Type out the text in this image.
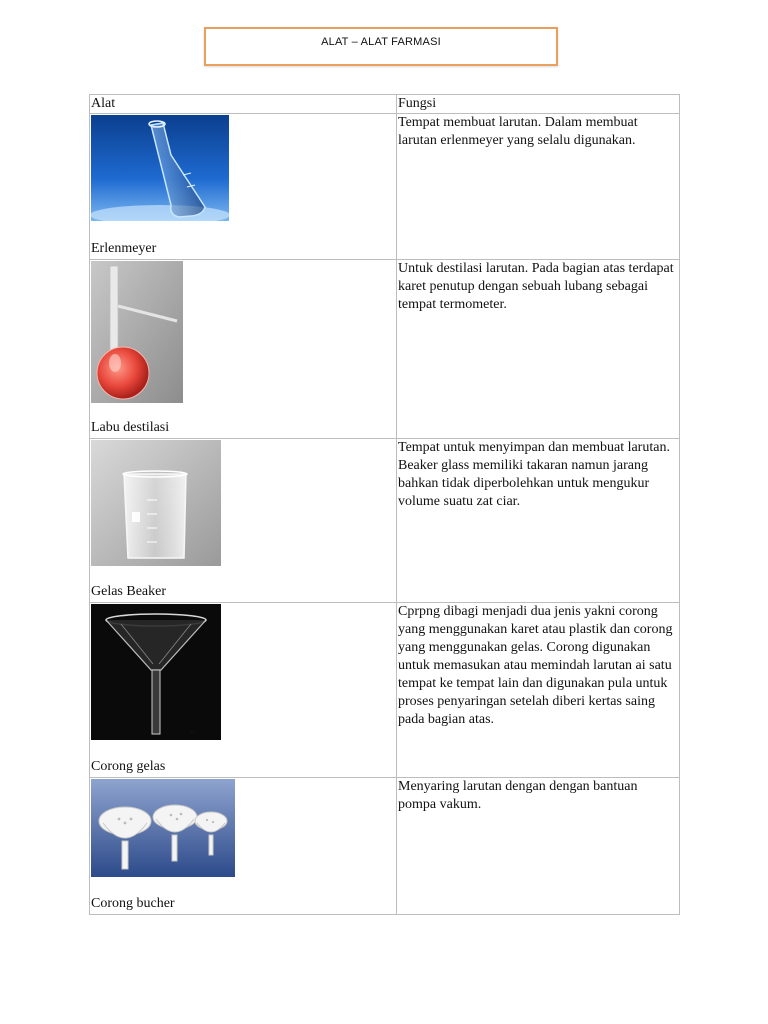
ALAT – ALAT FARMASI
Alat	Fungsi

Erlenmeyer	Tempat membuat larutan. Dalam membuat larutan erlenmeyer yang selalu digunakan.

Labu destilasi	Untuk destilasi larutan. Pada bagian atas terdapat karet penutup dengan sebuah lubang sebagai tempat termometer.

Gelas Beaker	Tempat untuk menyimpan dan membuat larutan. Beaker glass memiliki takaran namun jarang bahkan tidak diperbolehkan untuk mengukur volume suatu zat ciar.

. .
Corong gelas	Cprpng dibagi menjadi dua jenis yakni corong yang menggunakan karet atau plastik dan corong yang menggunakan gelas. Corong digunakan untuk memasukan atau memindah larutan ai satu tempat ke tempat lain dan digunakan pula untuk proses penyaringan setelah diberi kertas saing pada bagian atas.

Corong bucher	Menyaring larutan dengan dengan bantuan pompa vakum.
